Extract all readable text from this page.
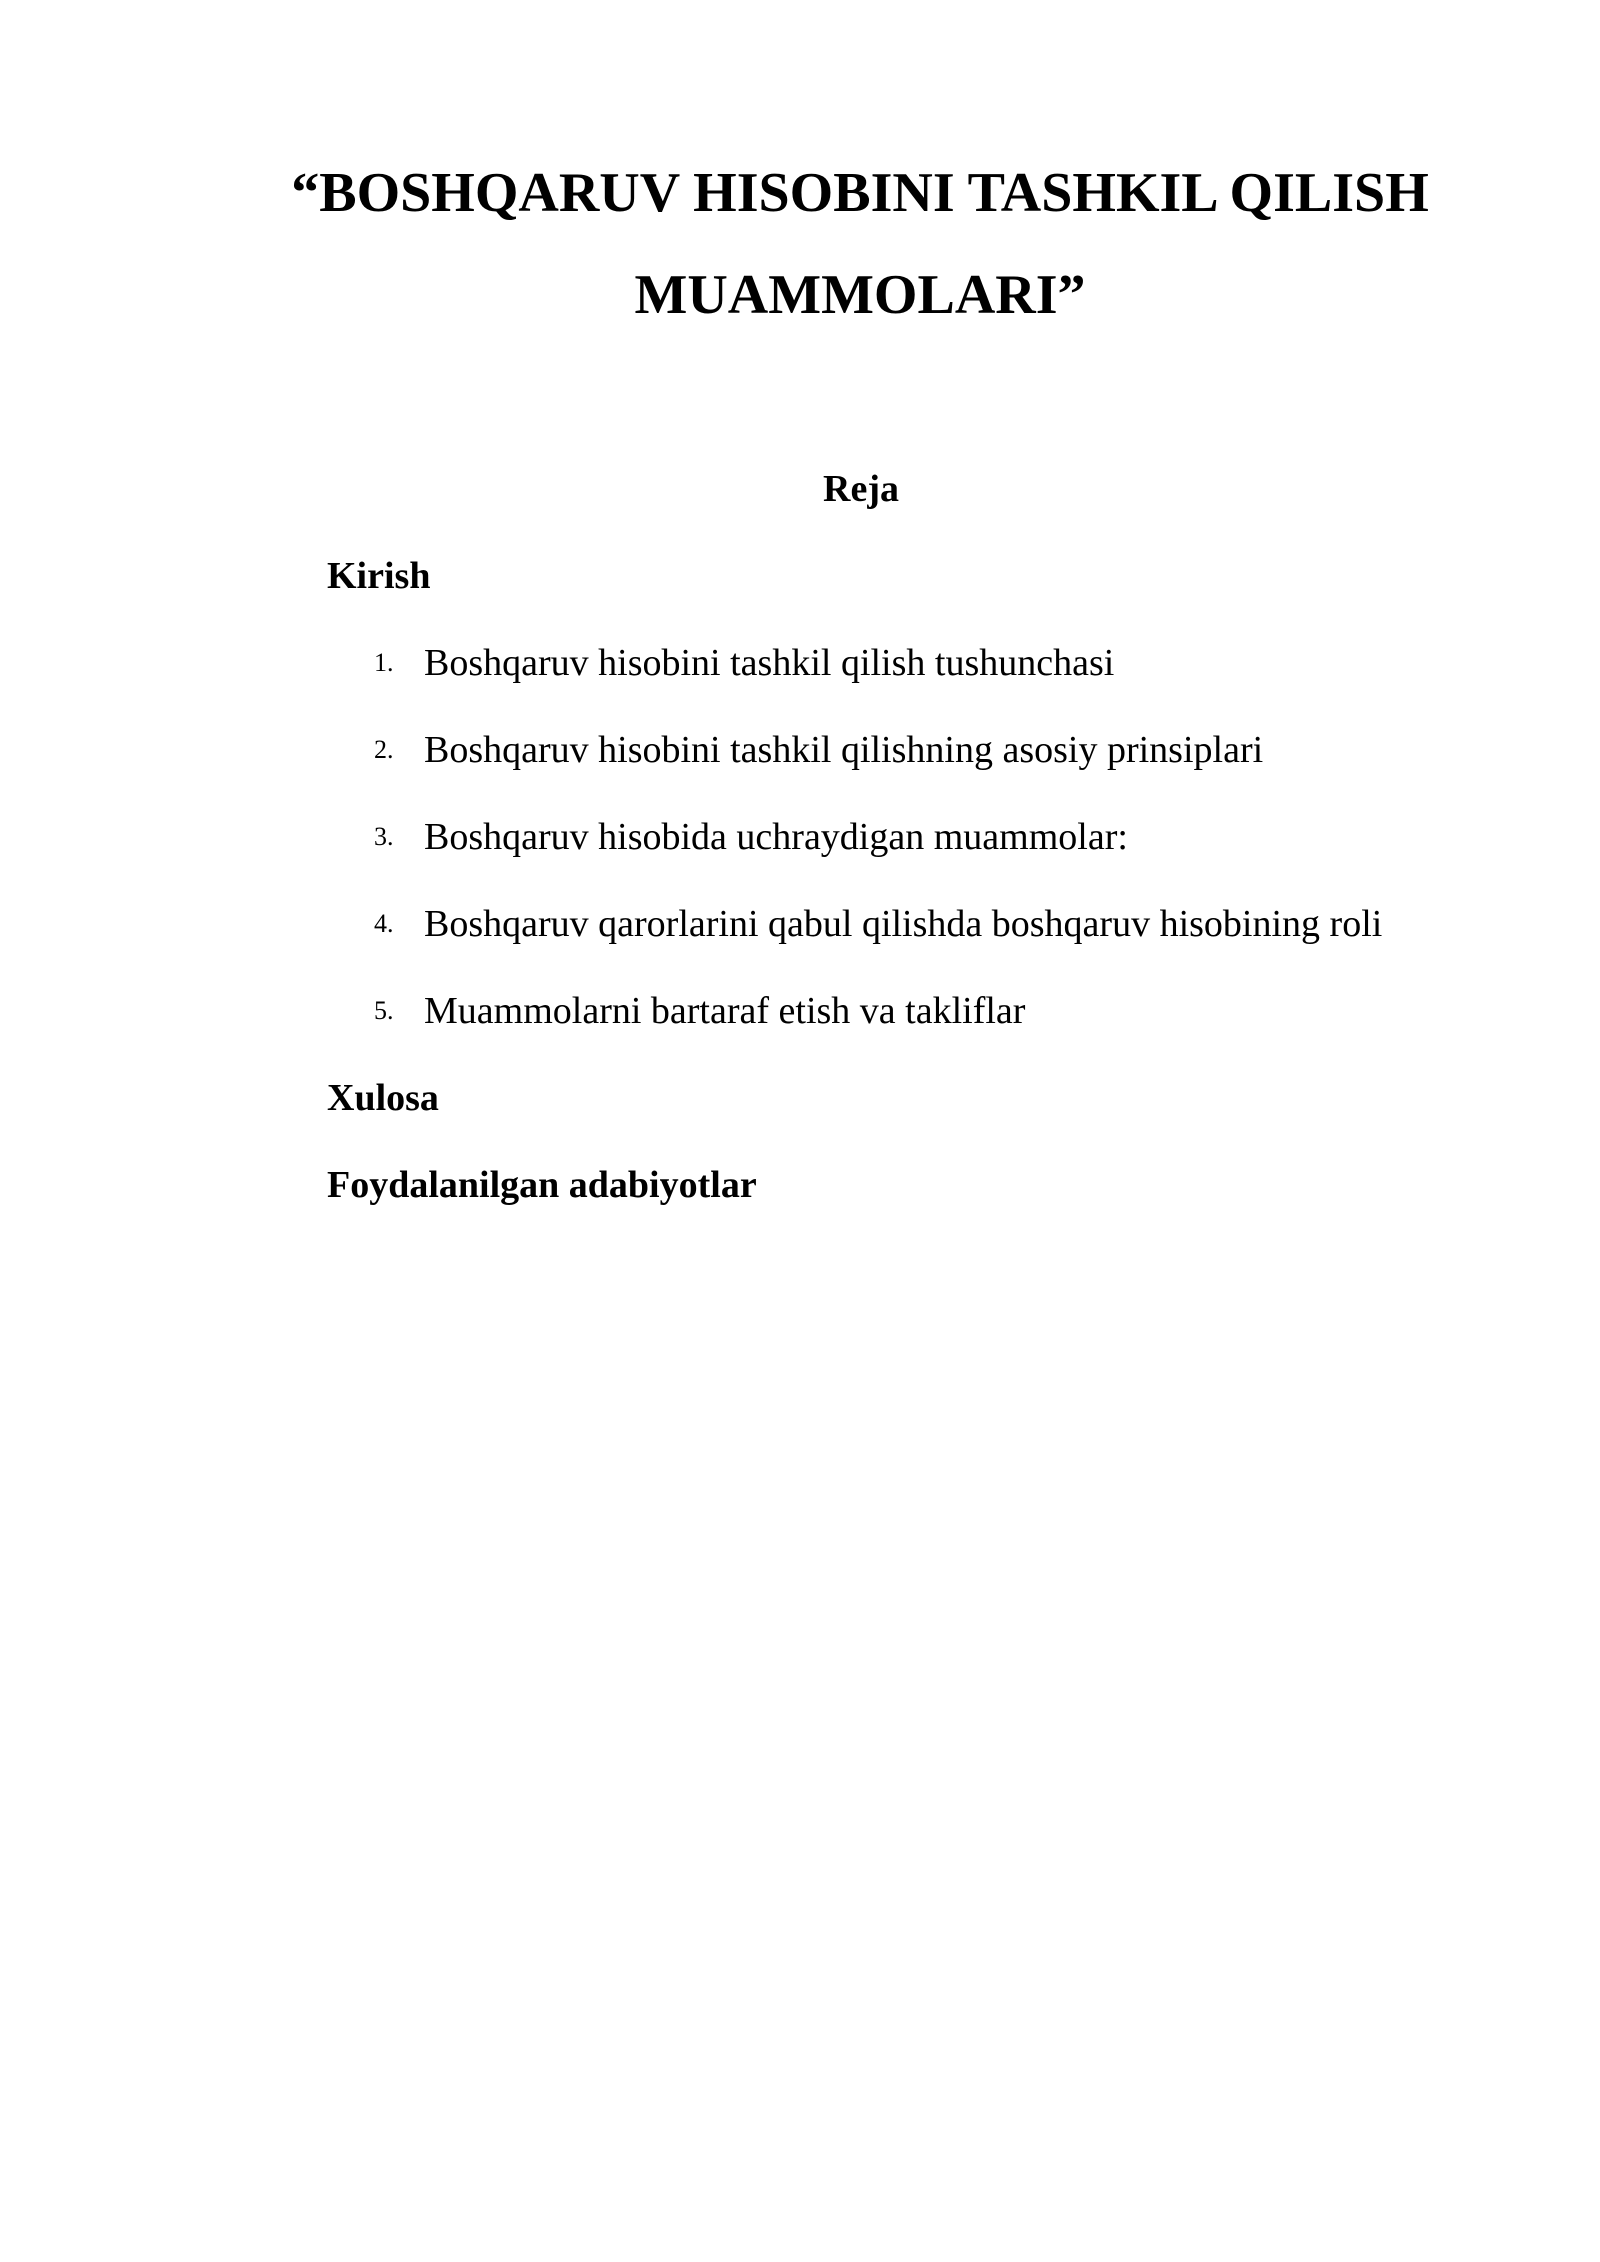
“BOSHQARUV HISOBINI TASHKIL QILISH
MUAMMOLARI”
Reja
Kirish
1. Boshqaruv hisobini tashkil qilish tushunchasi
2. Boshqaruv hisobini tashkil qilishning asosiy prinsiplari
3. Boshqaruv hisobida uchraydigan muammolar:
4. Boshqaruv qarorlarini qabul qilishda boshqaruv hisobining roli
5. Muammolarni bartaraf etish va takliflar
Xulosa
Foydalanilgan adabiyotlar
